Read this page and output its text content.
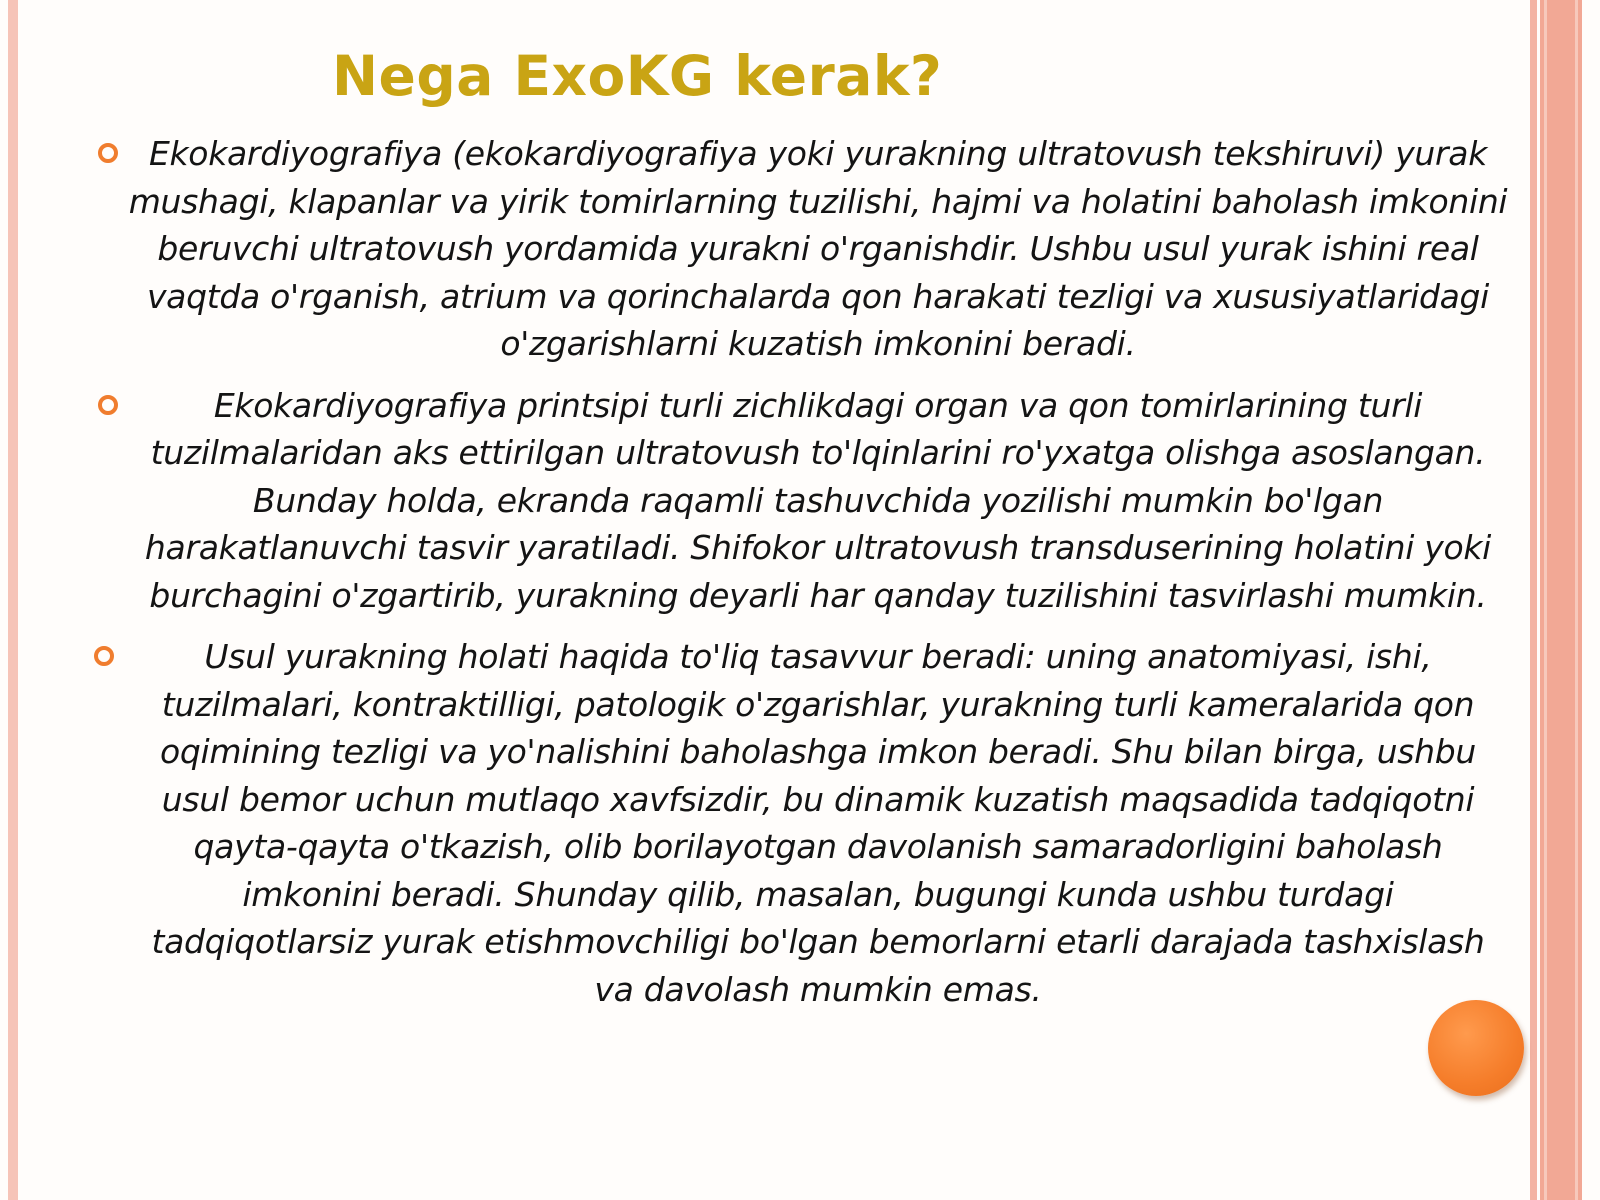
Nega ExoKG kerak?
Ekokardiyografiya (ekokardiyografiya yoki yurakning ultratovush tekshiruvi) yurak mushagi, klapanlar va yirik tomirlarning tuzilishi, hajmi va holatini baholash imkonini beruvchi ultratovush yordamida yurakni o'rganishdir. Ushbu usul yurak ishini real vaqtda o'rganish, atrium va qorinchalarda qon harakati tezligi va xususiyatlaridagi o'zgarishlarni kuzatish imkonini beradi.
Ekokardiyografiya printsipi turli zichlikdagi organ va qon tomirlarining turli tuzilmalaridan aks ettirilgan ultratovush to'lqinlarini ro'yxatga olishga asoslangan. Bunday holda, ekranda raqamli tashuvchida yozilishi mumkin bo'lgan harakatlanuvchi tasvir yaratiladi. Shifokor ultratovush transduserining holatini yoki burchagini o'zgartirib, yurakning deyarli har qanday tuzilishini tasvirlashi mumkin.
Usul yurakning holati haqida to'liq tasavvur beradi: uning anatomiyasi, ishi, tuzilmalari, kontraktilligi, patologik o'zgarishlar, yurakning turli kameralarida qon oqimining tezligi va yo'nalishini baholashga imkon beradi. Shu bilan birga, ushbu usul bemor uchun mutlaqo xavfsizdir, bu dinamik kuzatish maqsadida tadqiqotni qayta-qayta o'tkazish, olib borilayotgan davolanish samaradorligini baholash imkonini beradi. Shunday qilib, masalan, bugungi kunda ushbu turdagi tadqiqotlarsiz yurak etishmovchiligi bo'lgan bemorlarni etarli darajada tashxislash va davolash mumkin emas.
